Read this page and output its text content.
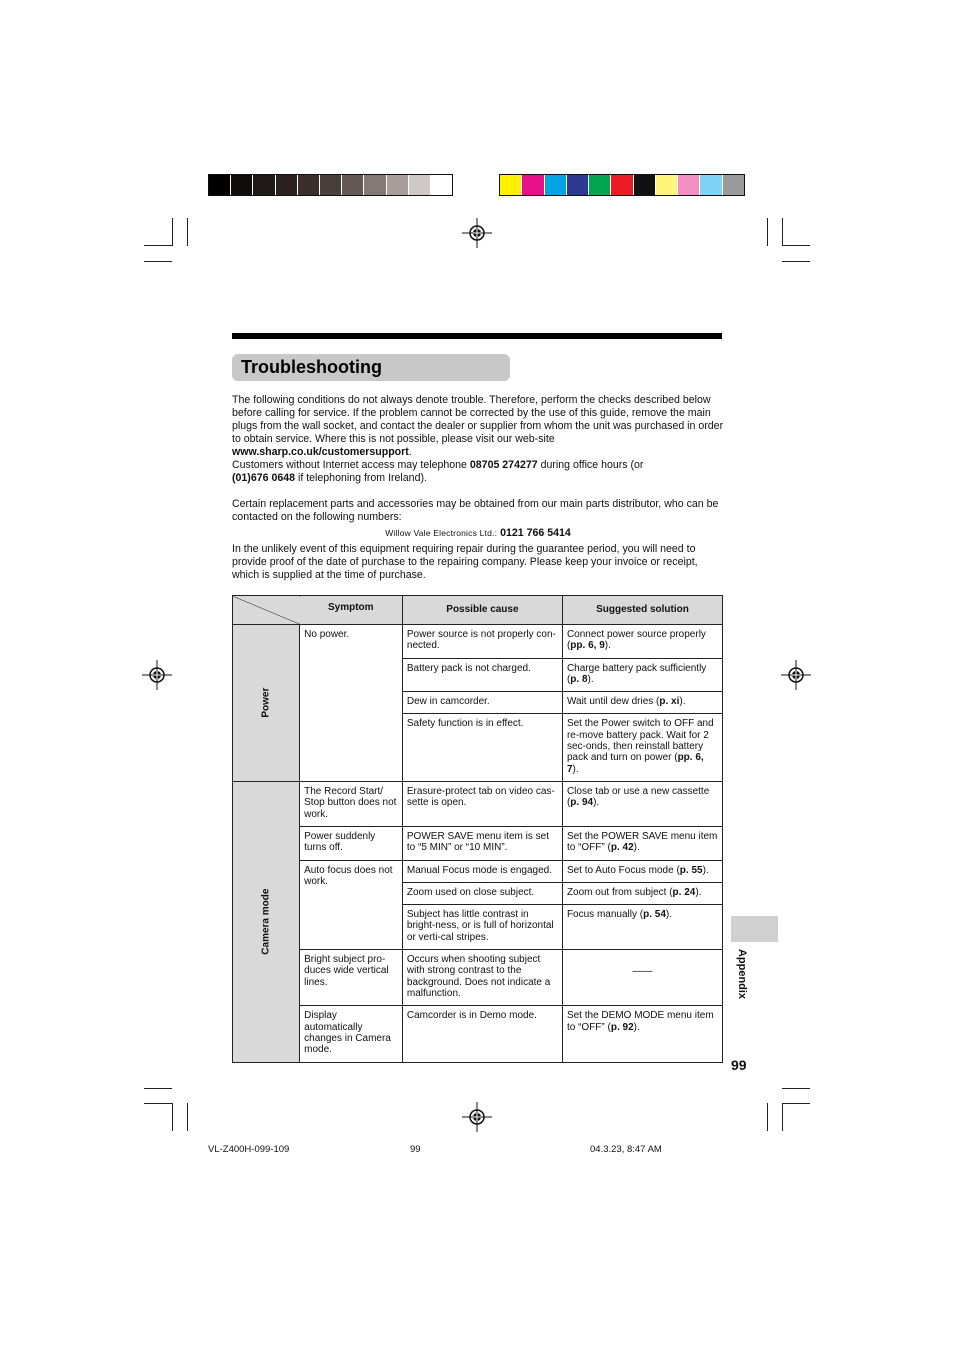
Troubleshooting

The following conditions do not always denote trouble. Therefore, perform the checks described below before calling for service. If the problem cannot be corrected by the use of this guide, remove the main plugs from the wall socket, and contact the dealer or supplier from whom the unit was purchased in order to obtain service. Where this is not possible, please visit our web-site www.sharp.co.uk/customersupport.

Customers without Internet access may telephone 08705 274277 during office hours (or
(01)676 0648 if telephoning from Ireland).

Certain replacement parts and accessories may be obtained from our main parts distributor, who can be contacted on the following numbers:

Willow Vale Electronics Ltd.: 0121 766 5414

In the unlikely event of this equipment requiring repair during the guarantee period, you will need to provide proof of the date of purchase to the repairing company. Please keep your invoice or receipt, which is supplied at the time of purchase.

	Symptom	Possible cause	Suggested solution

Power	No power.	Power source is not properly con-nected.	Connect power source properly (pp. 6, 9).
		Battery pack is not charged.	Charge battery pack sufficiently (p. 8).
		Dew in camcorder.	Wait until dew dries (p. xi).
		Safety function is in effect.	Set the Power switch to OFF and re-move battery pack. Wait for 2 sec-onds, then reinstall battery pack and turn on power (pp. 6, 7).

Camera mode	The Record Start/ Stop button does not work.	Erasure-protect tab on video cas-sette is open.	Close tab or use a new cassette (p. 94).
	Power suddenly turns off.	POWER SAVE menu item is set to “5 MIN” or “10 MIN”.	Set the POWER SAVE menu item to “OFF” (p. 42).
	Auto focus does not work.	Manual Focus mode is engaged.	Set to Auto Focus mode (p. 55).
		Zoom used on close subject.	Zoom out from subject (p. 24).
		Subject has little contrast in bright-ness, or is full of horizontal or verti-cal stripes.	Focus manually (p. 54).
	Bright subject pro-duces wide vertical lines.	Occurs when shooting subject with strong contrast to the background. Does not indicate a malfunction.	——

	Display automatically changes in Camera mode.	Camcorder is in Demo mode.	Set the DEMO MODE menu item to “OFF” (p. 92).
Appendix
99
VL-Z400H-099-109	99	04.3.23, 8:47 AM
